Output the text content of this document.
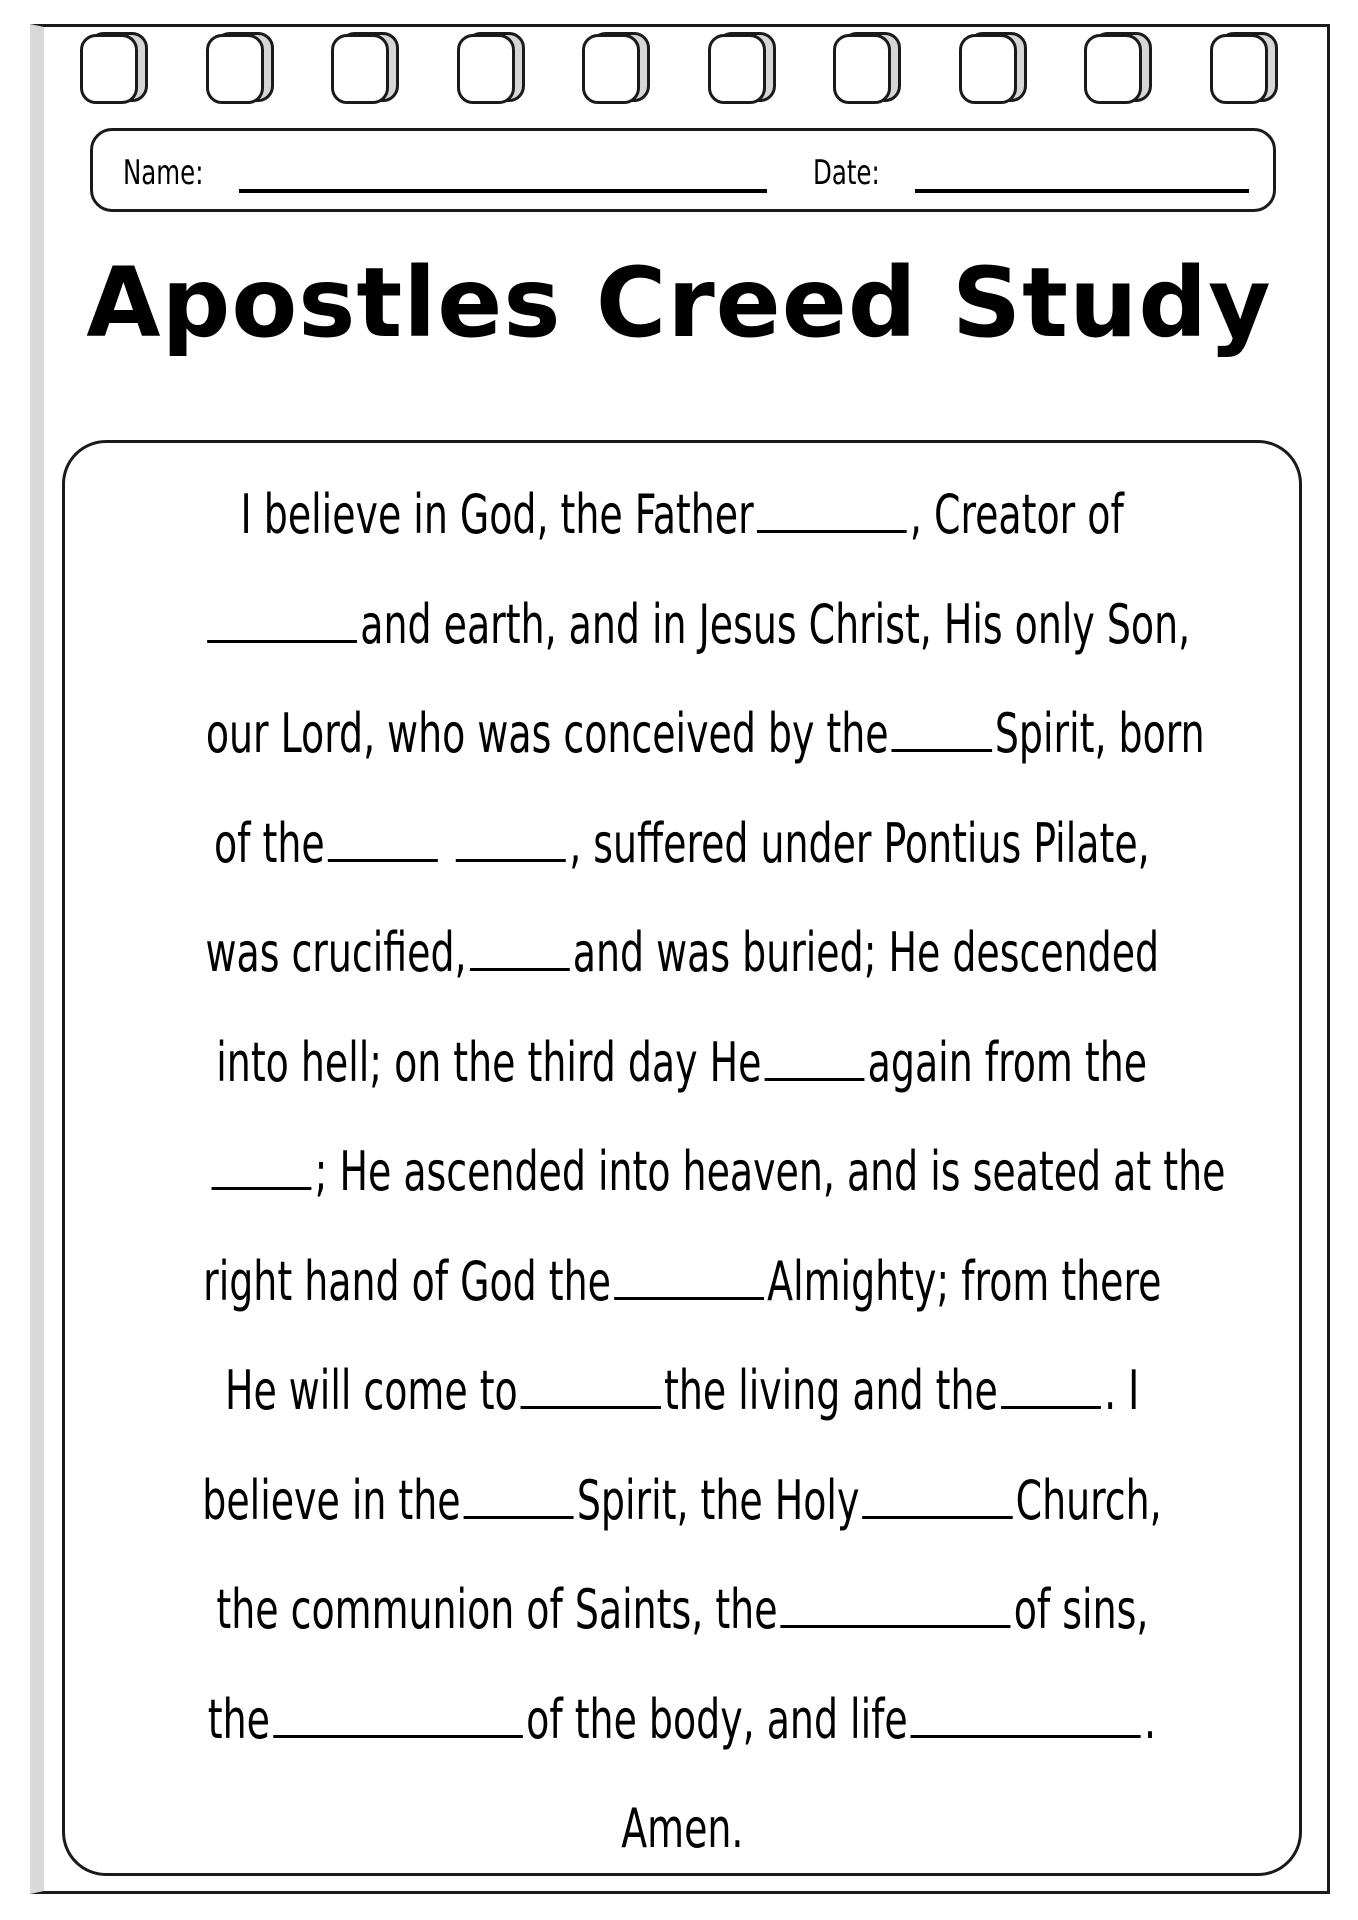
Name:	Date:
Apostles Creed Study
I believe in God, the Father	, Creator of
and earth, and in Jesus Christ, His only Son,
our Lord, who was conceived by the Spirit, born
of the	, suffered under Pontius Pilate,
was crucified, and was buried; He descended
into hell; on the third day He again from the
; He ascended into heaven, and is seated at the
right hand of God the	Almighty; from there
He will come to	the living and the . I
believe in the Spirit, the Holy	Church,
the communion of Saints, the	of sins,
the	of the body, and life	.
Amen.
